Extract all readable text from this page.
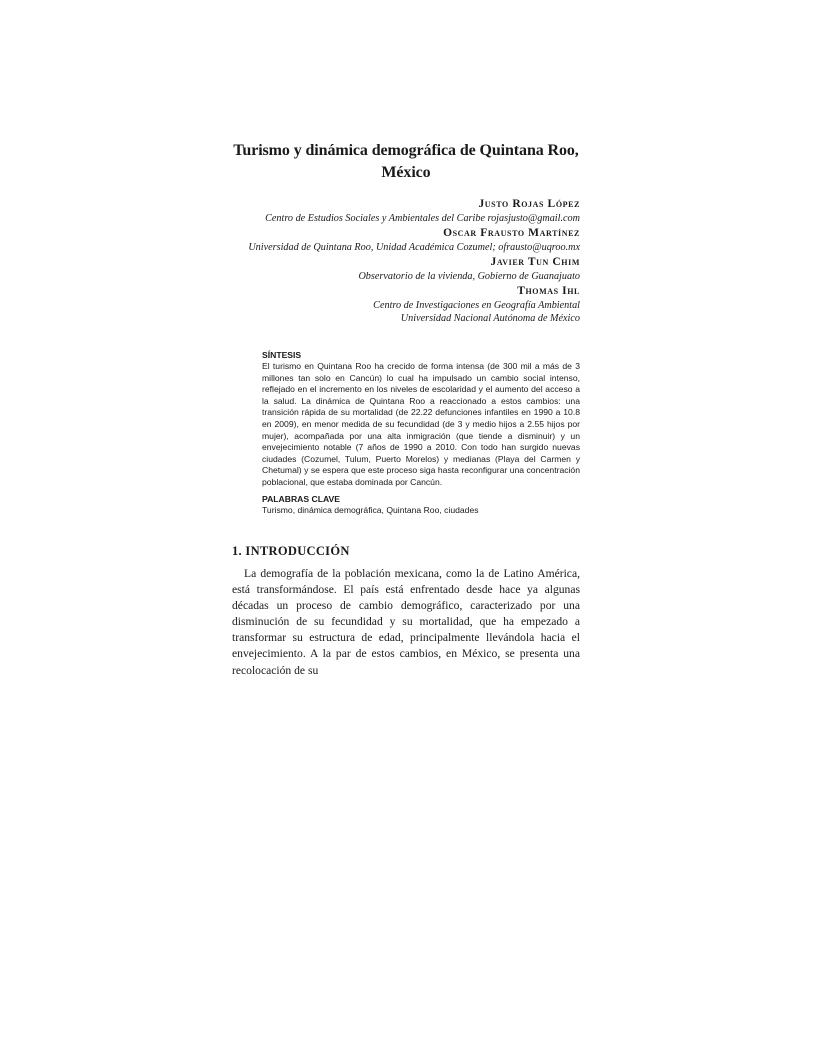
Turismo y dinámica demográfica de Quintana Roo, México
Justo Rojas López
Centro de Estudios Sociales y Ambientales del Caribe rojasjusto@gmail.com
Oscar Frausto Martínez
Universidad de Quintana Roo, Unidad Académica Cozumel; ofrausto@uqroo.mx
Javier Tun Chim
Observatorio de la vivienda, Gobierno de Guanajuato
Thomas Ihl
Centro de Investigaciones en Geografía Ambiental
Universidad Nacional Autónoma de México
SÍNTESIS
El turismo en Quintana Roo ha crecido de forma intensa (de 300 mil a más de 3 millones tan solo en Cancún) lo cual ha impulsado un cambio social intenso, reflejado en el incremento en los niveles de escolaridad y el aumento del acceso a la salud. La dinámica de Quintana Roo a reaccionado a estos cambios: una transición rápida de su mortalidad (de 22.22 defunciones infantiles en 1990 a 10.8 en 2009), en menor medida de su fecundidad (de 3 y medio hijos a 2.55 hijos por mujer), acompañada por una alta inmigración (que tiende a disminuir) y un envejecimiento notable (7 años de 1990 a 2010. Con todo han surgido nuevas ciudades (Cozumel, Tulum, Puerto Morelos) y medianas (Playa del Carmen y Chetumal) y se espera que este proceso siga hasta reconfigurar una concentración poblacional, que estaba dominada por Cancún.
PALABRAS CLAVE
Turismo, dinámica demográfica, Quintana Roo, ciudades
1. INTRODUCCIÓN
La demografía de la población mexicana, como la de Latino América, está transformándose. El país está enfrentado desde hace ya algunas décadas un proceso de cambio demográfico, caracterizado por una disminución de su fecundidad y su mortalidad, que ha empezado a transformar su estructura de edad, principalmente llevándola hacia el envejecimiento. A la par de estos cambios, en México, se presenta una recolocación de su
